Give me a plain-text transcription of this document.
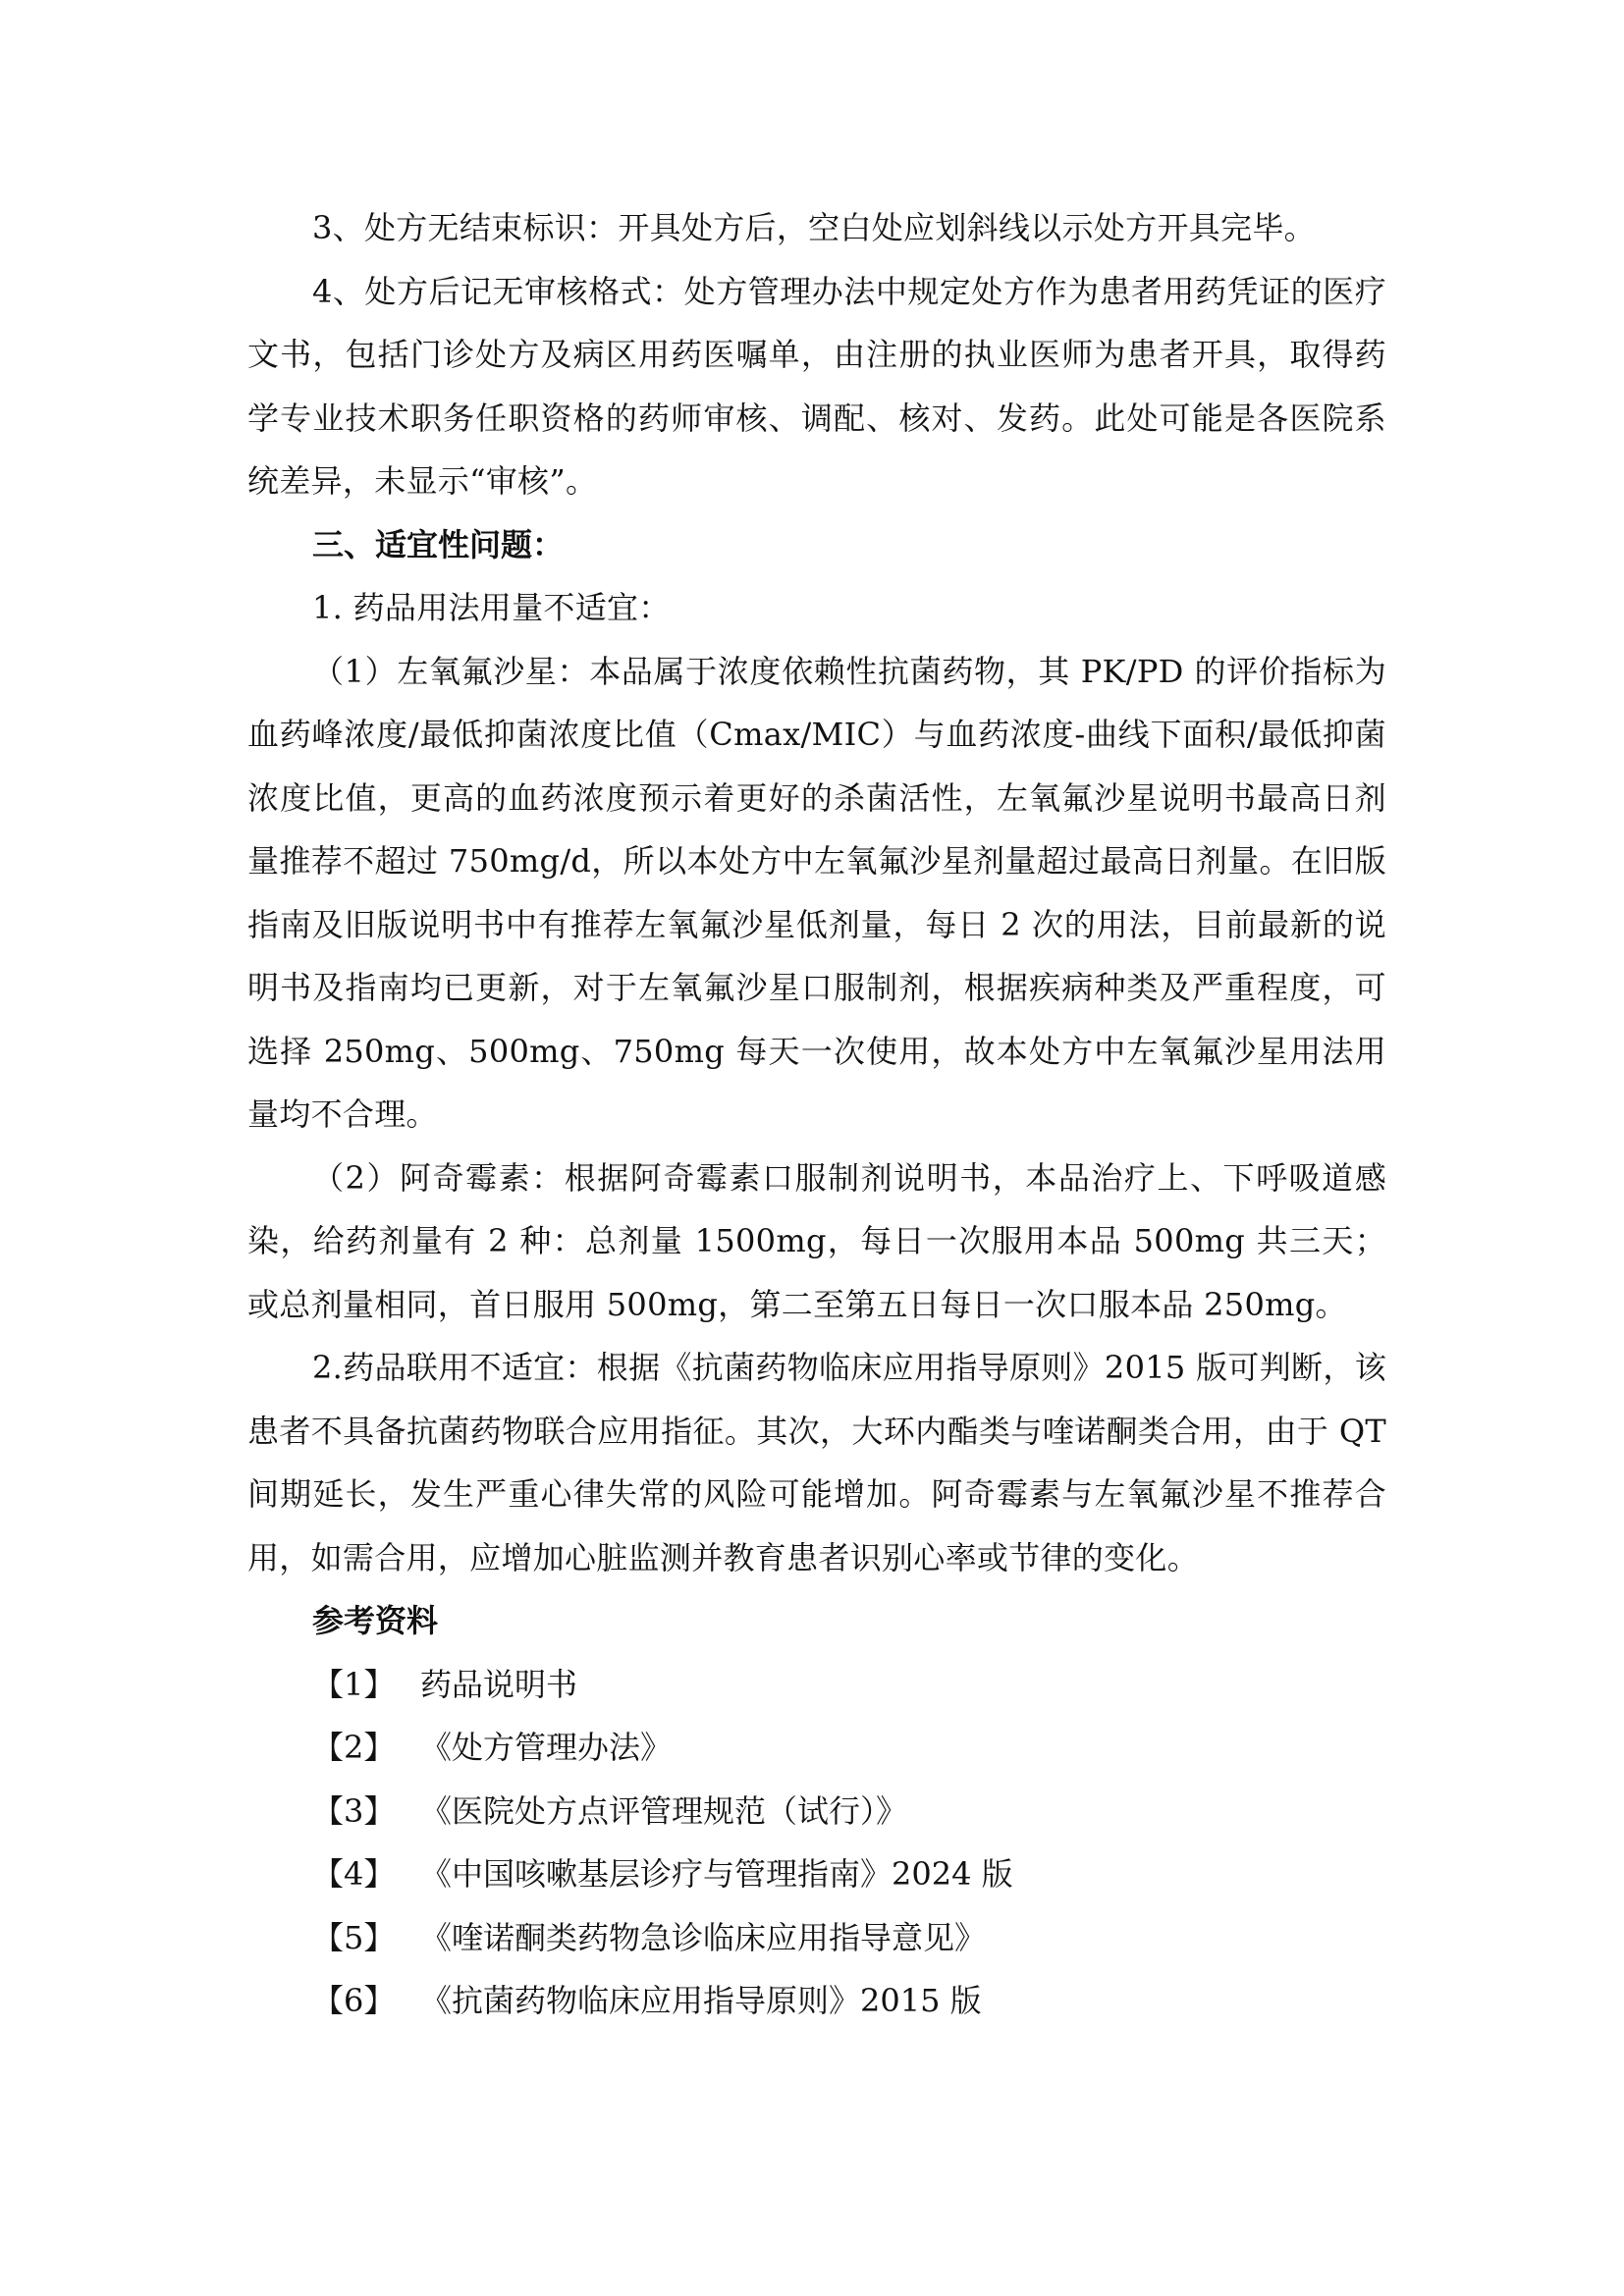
3、处方无结束标识：开具处方后，空白处应划斜线以示处方开具完毕。

4、处方后记无审核格式：处方管理办法中规定处方作为患者用药凭证的医疗文书，包括门诊处方及病区用药医嘱单，由注册的执业医师为患者开具，取得药学专业技术职务任职资格的药师审核、调配、核对、发药。此处可能是各医院系统差异，未显示“审核”。

三、适宜性问题：

1. 药品用法用量不适宜：

（1）左氧氟沙星：本品属于浓度依赖性抗菌药物，其 PK/PD 的评价指标为血药峰浓度/最低抑菌浓度比值（Cmax/MIC）与血药浓度-曲线下面积/最低抑菌浓度比值，更高的血药浓度预示着更好的杀菌活性，左氧氟沙星说明书最高日剂量推荐不超过 750mg/d，所以本处方中左氧氟沙星剂量超过最高日剂量。在旧版指南及旧版说明书中有推荐左氧氟沙星低剂量，每日 2 次的用法，目前最新的说明书及指南均已更新，对于左氧氟沙星口服制剂，根据疾病种类及严重程度，可选择 250mg、500mg、750mg 每天一次使用，故本处方中左氧氟沙星用法用量均不合理。

（2）阿奇霉素：根据阿奇霉素口服制剂说明书，本品治疗上、下呼吸道感染，给药剂量有 2 种：总剂量 1500mg，每日一次服用本品 500mg 共三天；或总剂量相同，首日服用 500mg，第二至第五日每日一次口服本品 250mg。

2.药品联用不适宜：根据《抗菌药物临床应用指导原则》2015 版可判断，该患者不具备抗菌药物联合应用指征。其次，大环内酯类与喹诺酮类合用，由于 QT 间期延长，发生严重心律失常的风险可能增加。阿奇霉素与左氧氟沙星不推荐合用，如需合用，应增加心脏监测并教育患者识别心率或节律的变化。

参考资料

【1】 药品说明书
【2】 《处方管理办法》
【3】 《医院处方点评管理规范（试行）》
【4】 《中国咳嗽基层诊疗与管理指南》2024 版
【5】 《喹诺酮类药物急诊临床应用指导意见》
【6】 《抗菌药物临床应用指导原则》2015 版
